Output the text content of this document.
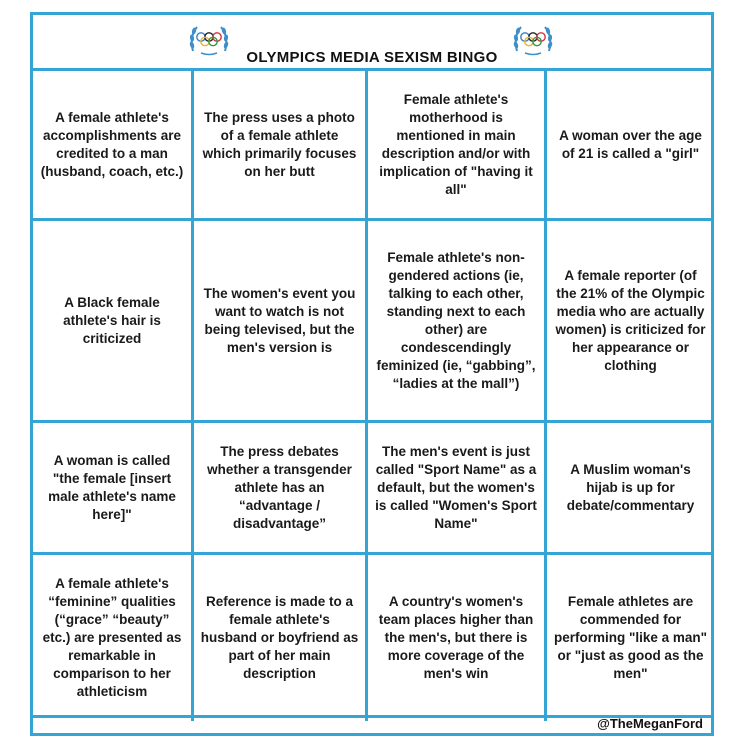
OLYMPICS MEDIA SEXISM BINGO
A female athlete's accomplishments are credited to a man (husband, coach, etc.)
The press uses a photo of a female athlete which primarily focuses on her butt
Female athlete's motherhood is mentioned in main description and/or with implication of "having it all"
A woman over the age of 21 is called a "girl"
A Black female athlete's hair is criticized
The women's event you want to watch is not being televised, but the men's version is
Female athlete's non-gendered actions (ie, talking to each other, standing next to each other) are condescendingly feminized (ie, “gabbing”, “ladies at the mall”)
A female reporter (of the 21% of the Olympic media who are actually women) is criticized for her appearance or clothing
A woman is called "the female [insert male athlete's name here]"
The press debates whether a transgender athlete has an “advantage / disadvantage”
The men's event is just called "Sport Name" as a default, but the women's is called "Women's Sport Name"
A Muslim woman's hijab is up for debate/commentary
A female athlete's “feminine” qualities (“grace” “beauty” etc.) are presented as remarkable in comparison to her athleticism
Reference is made to a female athlete's husband or boyfriend as part of her main description
A country's women's team places higher than the men's, but there is more coverage of the men's win
Female athletes are commended for performing "like a man" or "just as good as the men"
@TheMeganFord
